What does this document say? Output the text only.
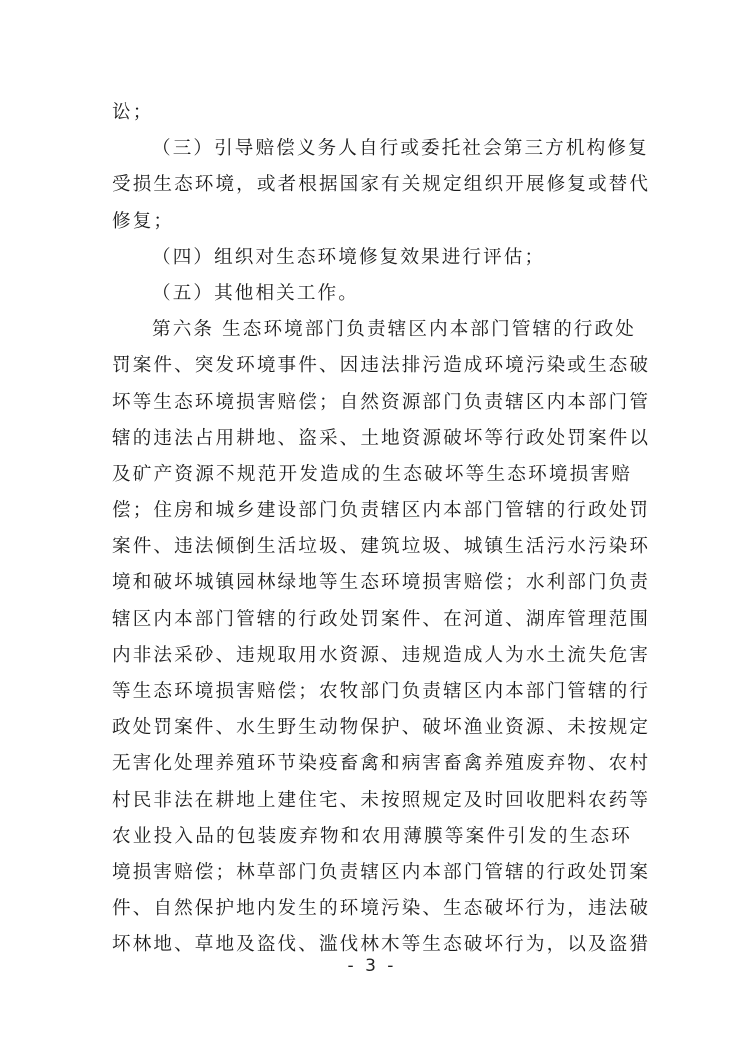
讼；
（三）引导赔偿义务人自行或委托社会第三方机构修复
受损生态环境，或者根据国家有关规定组织开展修复或替代
修复；
（四）组织对生态环境修复效果进行评估；
（五）其他相关工作。
第六条 生态环境部门负责辖区内本部门管辖的行政处
罚案件、突发环境事件、因违法排污造成环境污染或生态破
坏等生态环境损害赔偿；自然资源部门负责辖区内本部门管
辖的违法占用耕地、盗采、土地资源破坏等行政处罚案件以
及矿产资源不规范开发造成的生态破坏等生态环境损害赔
偿；住房和城乡建设部门负责辖区内本部门管辖的行政处罚
案件、违法倾倒生活垃圾、建筑垃圾、城镇生活污水污染环
境和破坏城镇园林绿地等生态环境损害赔偿；水利部门负责
辖区内本部门管辖的行政处罚案件、在河道、湖库管理范围
内非法采砂、违规取用水资源、违规造成人为水土流失危害
等生态环境损害赔偿；农牧部门负责辖区内本部门管辖的行
政处罚案件、水生野生动物保护、破坏渔业资源、未按规定
无害化处理养殖环节染疫畜禽和病害畜禽养殖废弃物、农村
村民非法在耕地上建住宅、未按照规定及时回收肥料农药等
农业投入品的包装废弃物和农用薄膜等案件引发的生态环
境损害赔偿；林草部门负责辖区内本部门管辖的行政处罚案
件、自然保护地内发生的环境污染、生态破坏行为，违法破
坏林地、草地及盗伐、滥伐林木等生态破坏行为，以及盗猎
- 3 -
